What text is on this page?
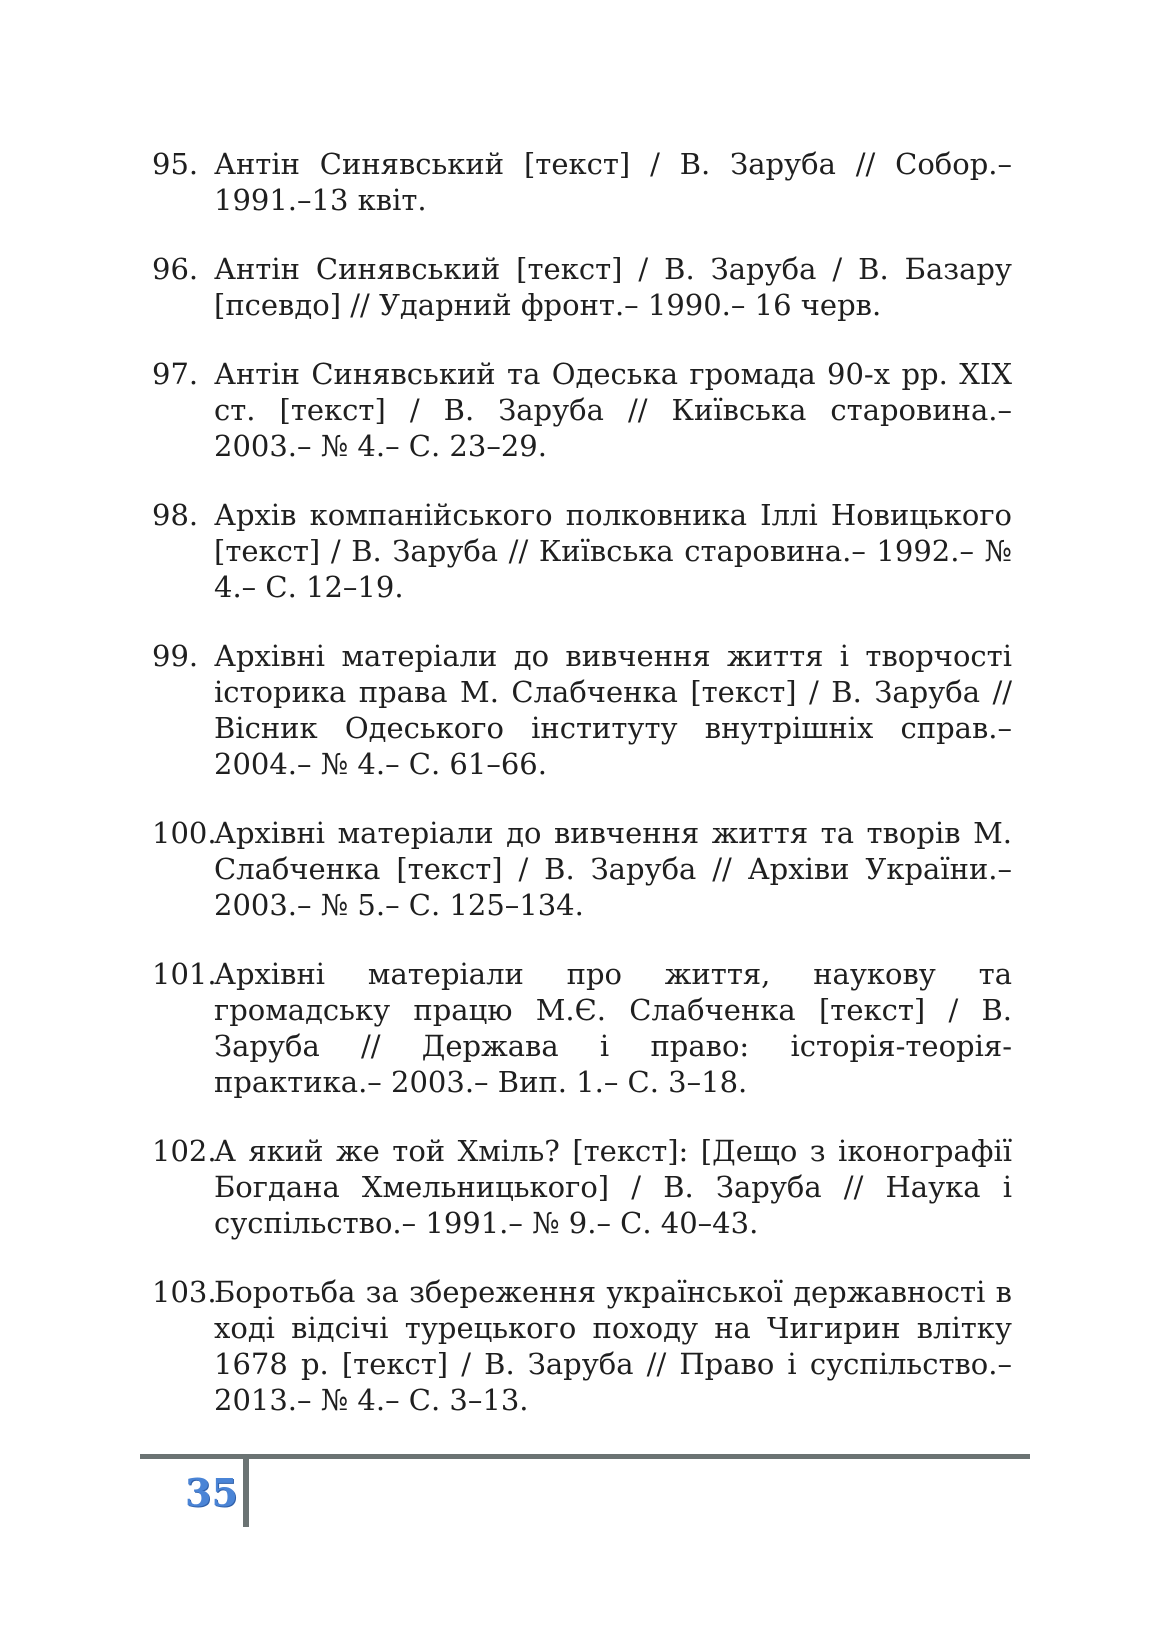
95. Антін Синявський [текст] / В. Заруба // Собор.– 1991.–13 квіт.
96. Антін Синявський [текст] / В. Заруба / В. Базару [псевдо] // Ударний фронт.– 1990.– 16 черв.
97. Антін Синявський та Одеська громада 90-х рр. XIX ст. [текст] / В. Заруба // Київська старовина.– 2003.– № 4.– С. 23–29.
98. Архів компанійського полковника Іллі Новицького [текст] / В. Заруба // Київська старовина.– 1992.– № 4.– С. 12–19.
99. Архівні матеріали до вивчення життя і творчості історика права М. Слабченка [текст] / В. Заруба // Вісник Одеського інституту внутрішніх справ.– 2004.– № 4.– С. 61–66.
100.
Архівні матеріали до вивчення життя та творів М. Слабченка [текст] / В. Заруба // Архіви України.– 2003.– № 5.– С. 125–134.
101.
Архівні матеріали про життя, наукову та громадську працю М.Є. Слабченка [текст] / В. Заруба // Держава і право: історія-теорія-практика.– 2003.– Вип. 1.– С. 3–18.
102.
А який же той Хміль? [текст]: [Дещо з іконографії Богдана Хмельницького] / В. Заруба // Наука і суспільство.– 1991.– № 9.– С. 40–43.
103.
Боротьба за збереження української державності в ході відсічі турецького походу на Чигирин влітку 1678 р. [текст] / В. Заруба // Право і суспільство.– 2013.– № 4.– С. 3–13.
35
